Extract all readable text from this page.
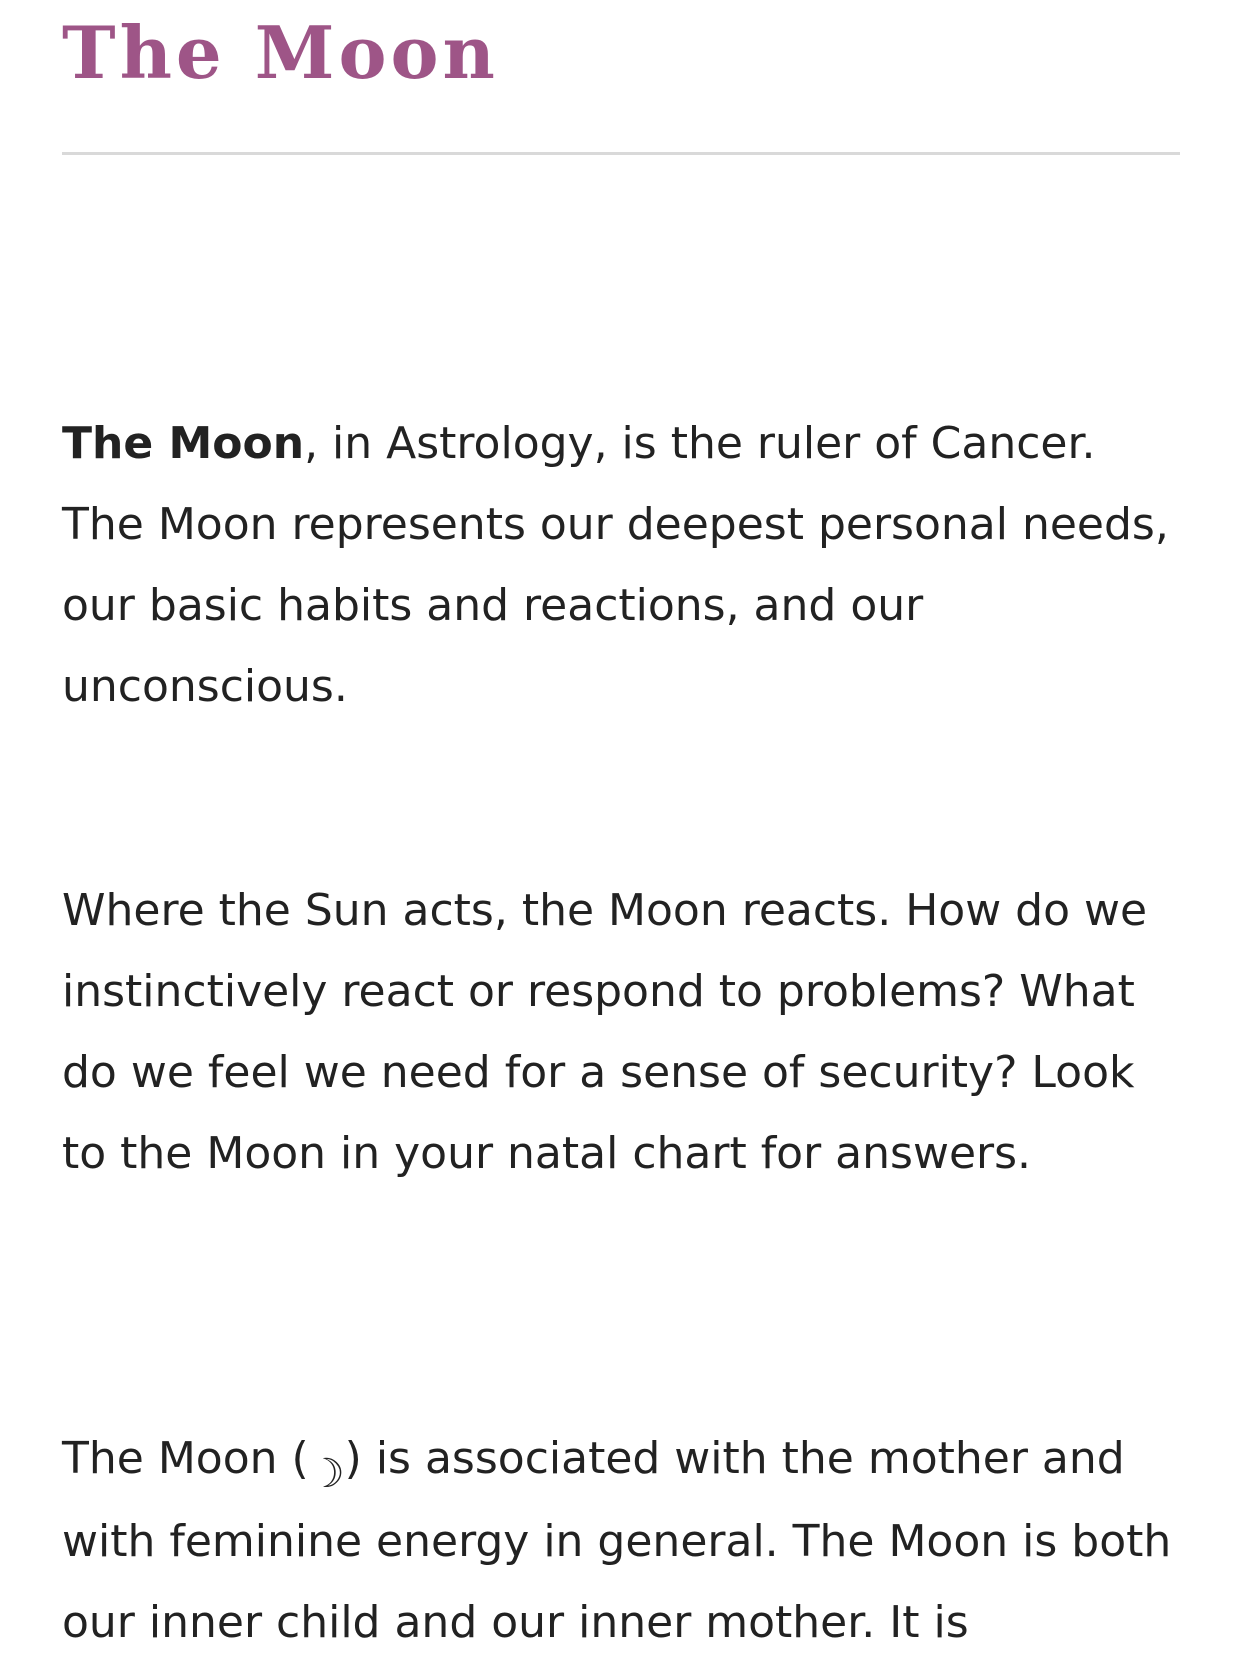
The Moon

The Moon, in Astrology, is the ruler of Cancer. The Moon represents our deepest personal needs, our basic habits and reactions, and our unconscious.

Where the Sun acts, the Moon reacts. How do we instinctively react or respond to problems? What do we feel we need for a sense of security? Look to the Moon in your natal chart for answers.

The Moon (☽) is associated with the mother and with feminine energy in general. The Moon is both our inner child and our inner mother. It is
